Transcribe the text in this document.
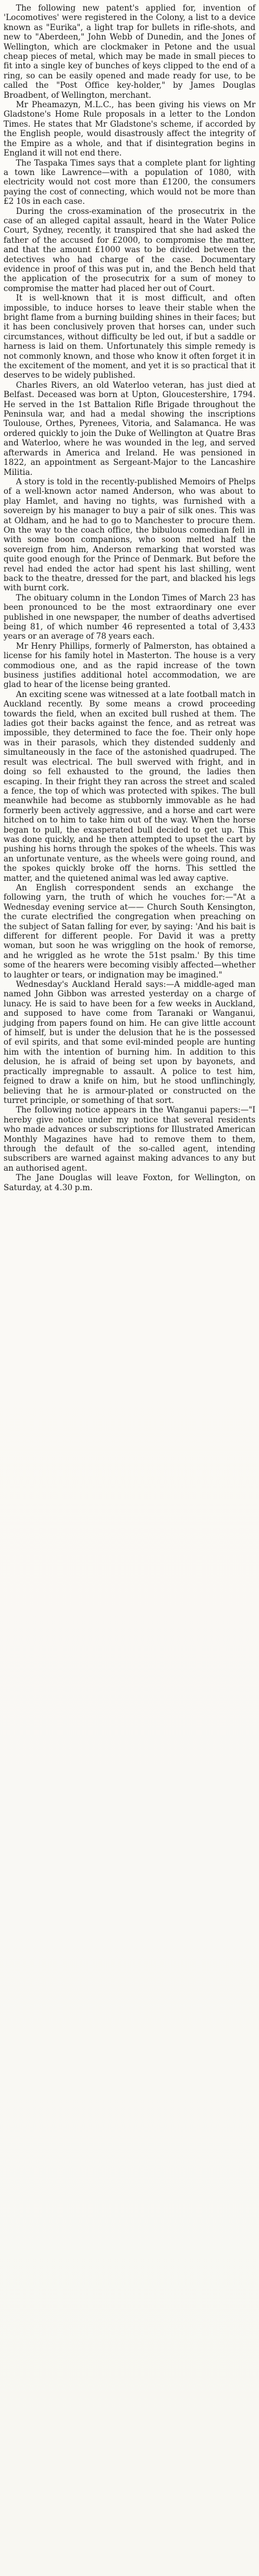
The following new patent's applied for, invention of 'Locomotives' were registered in the Colony, a list to a device known as "Eurika", a light trap for bullets in rifle-shots, and new to "Aberdeen," John Webb of Dunedin, and the Jones of Wellington, which are clockmaker in Petone and the usual cheap pieces of metal, which may be made in small pieces to fit into a single key of bunches of keys clipped to the end of a ring, so can be easily opened and made ready for use, to be called the "Post Office key-holder," by James Douglas Broadbent, of Wellington, merchant.

Mr Pheamazyn, M.L.C., has been giving his views on Mr Gladstone's Home Rule proposals in a letter to the London Times. He states that Mr Gladstone's scheme, if accorded by the English people, would disastrously affect the integrity of the Empire as a whole, and that if disintegration begins in England it will not end there.

The Taspaka Times says that a complete plant for lighting a town like Lawrence—with a population of 1080, with electricity would not cost more than £1200, the consumers paying the cost of connecting, which would not be more than £2 10s in each case.

During the cross-examination of the prosecutrix in the case of an alleged capital assault, heard in the Water Police Court, Sydney, recently, it transpired that she had asked the father of the accused for £2000, to compromise the matter, and that the amount £1000 was to be divided between the detectives who had charge of the case. Documentary evidence in proof of this was put in, and the Bench held that the application of the prosecutrix for a sum of money to compromise the matter had placed her out of Court.

It is well-known that it is most difficult, and often impossible, to induce horses to leave their stable when the bright flame from a burning building shines in their faces; but it has been conclusively proven that horses can, under such circumstances, without difficulty be led out, if but a saddle or harness is laid on them. Unfortunately this simple remedy is not commonly known, and those who know it often forget it in the excitement of the moment, and yet it is so practical that it deserves to be widely published.

Charles Rivers, an old Waterloo veteran, has just died at Belfast. Deceased was born at Upton, Gloucestershire, 1794. He served in the 1st Battalion Rifle Brigade throughout the Peninsula war, and had a medal showing the inscriptions Toulouse, Orthes, Pyrenees, Vitoria, and Salamanca. He was ordered quickly to join the Duke of Wellington at Quatre Bras and Waterloo, where he was wounded in the leg, and served afterwards in America and Ireland. He was pensioned in 1822, an appointment as Sergeant-Major to the Lancashire Militia.

A story is told in the recently-published Memoirs of Phelps of a well-known actor named Anderson, who was about to play Hamlet, and having no tights, was furnished with a sovereign by his manager to buy a pair of silk ones. This was at Oldham, and he had to go to Manchester to procure them. On the way to the coach office, the bibulous comedian fell in with some boon companions, who soon melted half the sovereign from him, Anderson remarking that worsted was quite good enough for the Prince of Denmark. But before the revel had ended the actor had spent his last shilling, went back to the theatre, dressed for the part, and blacked his legs with burnt cork.

The obituary column in the London Times of March 23 has been pronounced to be the most extraordinary one ever published in one newspaper, the number of deaths advertised being 81, of which number 46 represented a total of 3,433 years or an average of 78 years each.

Mr Henry Phillips, formerly of Palmerston, has obtained a license for his family hotel in Masterton. The house is a very commodious one, and as the rapid increase of the town business justifies additional hotel accommodation, we are glad to hear of the license being granted.

An exciting scene was witnessed at a late football match in Auckland recently. By some means a crowd proceeding towards the field, when an excited bull rushed at them. The ladies got their backs against the fence, and as retreat was impossible, they determined to face the foe. Their only hope was in their parasols, which they distended suddenly and simultaneously in the face of the astonished quadruped. The result was electrical. The bull swerved with fright, and in doing so fell exhausted to the ground, the ladies then escaping. In their fright they ran across the street and scaled a fence, the top of which was protected with spikes. The bull meanwhile had become as stubbornly immovable as he had formerly been actively aggressive, and a horse and cart were hitched on to him to take him out of the way. When the horse began to pull, the exasperated bull decided to get up. This was done quickly, and he then attempted to upset the cart by pushing his horns through the spokes of the wheels. This was an unfortunate venture, as the wheels were going round, and the spokes quickly broke off the horns. This settled the matter, and the quietened animal was led away captive.

An English correspondent sends an exchange the following yarn, the truth of which he vouches for:—"At a Wednesday evening service at—— Church South Kensington, the curate electrified the congregation when preaching on the subject of Satan falling for ever, by saying: 'And his bait is different for different people. For David it was a pretty woman, but soon he was wriggling on the hook of remorse, and he wriggled as he wrote the 51st psalm.' By this time some of the hearers were becoming visibly affected—whether to laughter or tears, or indignation may be imagined."

Wednesday's Auckland Herald says:—A middle-aged man named John Gibbon was arrested yesterday on a charge of lunacy. He is said to have been for a few weeks in Auckland, and supposed to have come from Taranaki or Wanganui, judging from papers found on him. He can give little account of himself, but is under the delusion that he is the possessed of evil spirits, and that some evil-minded people are hunting him with the intention of burning him. In addition to this delusion, he is afraid of being set upon by bayonets, and practically impregnable to assault. A police to test him, feigned to draw a knife on him, but he stood unflinchingly, believing that he is armour-plated or constructed on the turret principle, or something of that sort.

The following notice appears in the Wanganui papers:—"I hereby give notice under my notice that several residents who made advances or subscriptions for Illustrated American Monthly Magazines have had to remove them to them, through the default of the so-called agent, intending subscribers are warned against making advances to any but an authorised agent.

The Jane Douglas will leave Foxton, for Wellington, on Saturday, at 4.30 p.m.
